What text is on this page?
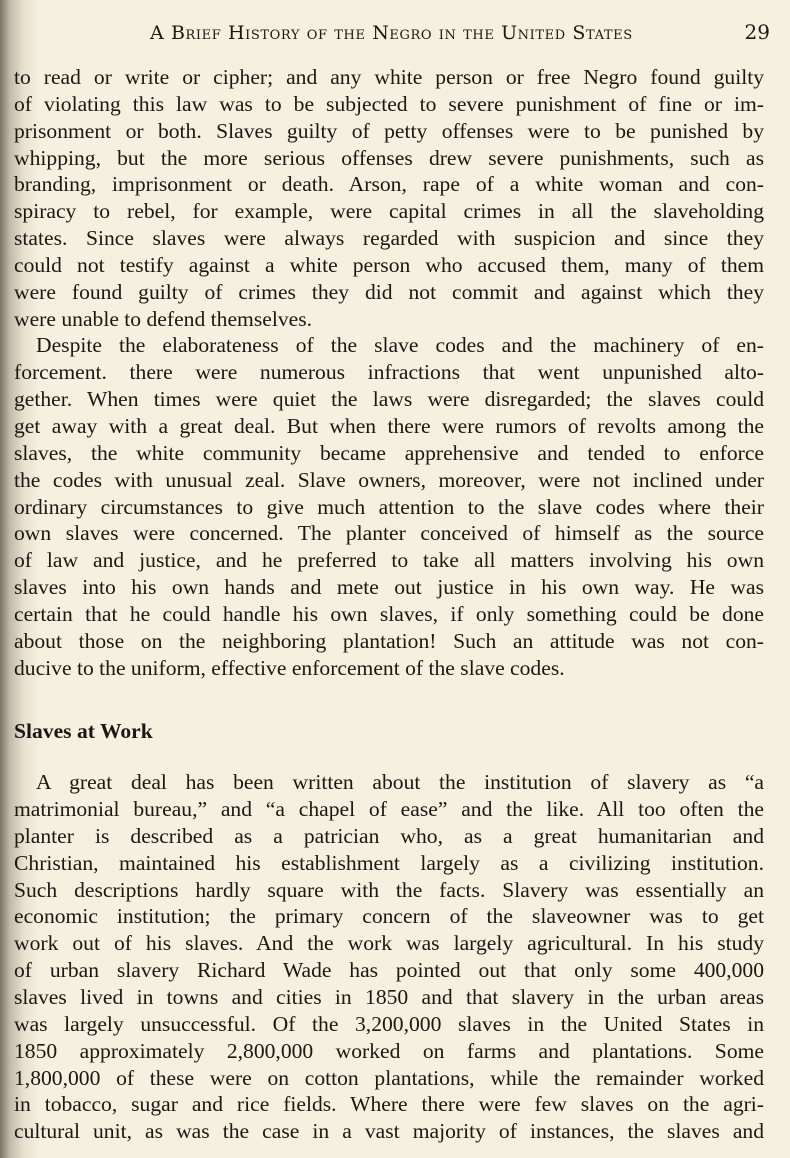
A Brief History of the Negro in the United States	29
to read or write or cipher; and any white person or free Negro found guilty
of violating this law was to be subjected to severe punishment of fine or im-
prisonment or both. Slaves guilty of petty offenses were to be punished by
whipping, but the more serious offenses drew severe punishments, such as
branding, imprisonment or death. Arson, rape of a white woman and con-
spiracy to rebel, for example, were capital crimes in all the slaveholding
states. Since slaves were always regarded with suspicion and since they
could not testify against a white person who accused them, many of them
were found guilty of crimes they did not commit and against which they
were unable to defend themselves.
Despite the elaborateness of the slave codes and the machinery of en-
forcement. there were numerous infractions that went unpunished alto-
gether. When times were quiet the laws were disregarded; the slaves could
get away with a great deal. But when there were rumors of revolts among the
slaves, the white community became apprehensive and tended to enforce
the codes with unusual zeal. Slave owners, moreover, were not inclined under
ordinary circumstances to give much attention to the slave codes where their
own slaves were concerned. The planter conceived of himself as the source
of law and justice, and he preferred to take all matters involving his own
slaves into his own hands and mete out justice in his own way. He was
certain that he could handle his own slaves, if only something could be done
about those on the neighboring plantation! Such an attitude was not con-
ducive to the uniform, effective enforcement of the slave codes.
Slaves at Work
A great deal has been written about the institution of slavery as “a
matrimonial bureau,” and “a chapel of ease” and the like. All too often the
planter is described as a patrician who, as a great humanitarian and
Christian, maintained his establishment largely as a civilizing institution.
Such descriptions hardly square with the facts. Slavery was essentially an
economic institution; the primary concern of the slaveowner was to get
work out of his slaves. And the work was largely agricultural. In his study
of urban slavery Richard Wade has pointed out that only some 400,000
slaves lived in towns and cities in 1850 and that slavery in the urban areas
was largely unsuccessful. Of the 3,200,000 slaves in the United States in
1850 approximately 2,800,000 worked on farms and plantations. Some
1,800,000 of these were on cotton plantations, while the remainder worked
in tobacco, sugar and rice fields. Where there were few slaves on the agri-
cultural unit, as was the case in a vast majority of instances, the slaves and
